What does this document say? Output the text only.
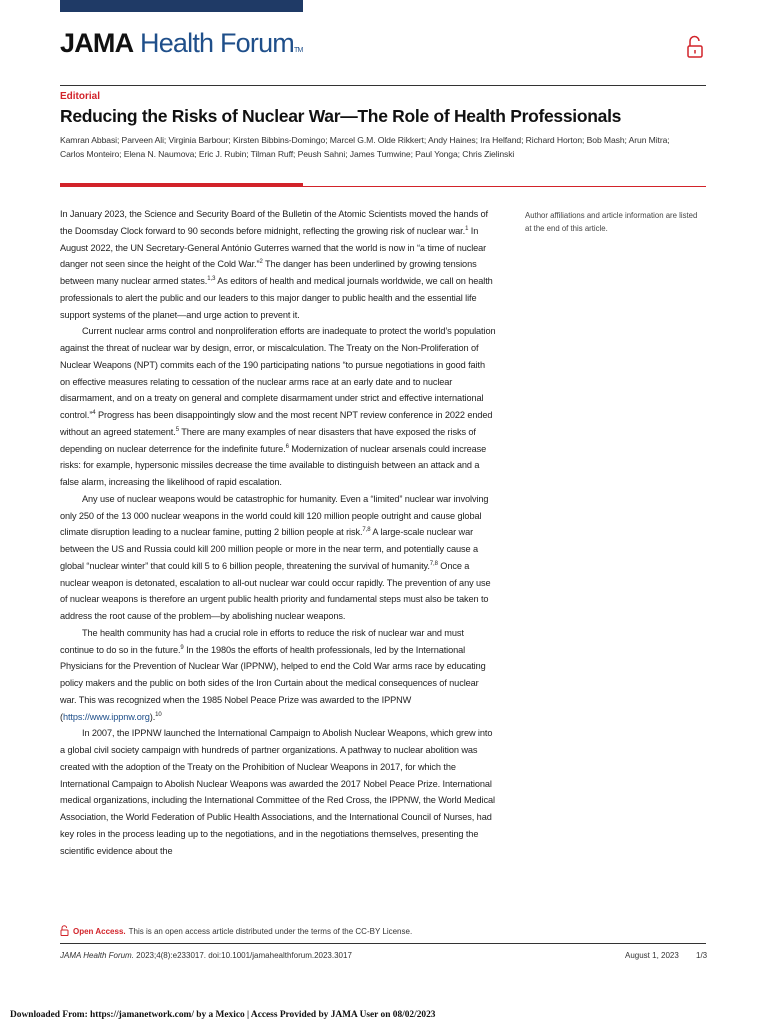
JAMA Health ForumTM
Editorial
Reducing the Risks of Nuclear War—The Role of Health Professionals
Kamran Abbasi; Parveen Ali; Virginia Barbour; Kirsten Bibbins-Domingo; Marcel G.M. Olde Rikkert; Andy Haines; Ira Helfand; Richard Horton; Bob Mash; Arun Mitra;
Carlos Monteiro; Elena N. Naumova; Eric J. Rubin; Tilman Ruff; Peush Sahni; James Tumwine; Paul Yonga; Chris Zielinski

In January 2023, the Science and Security Board of the Bulletin of the Atomic Scientists moved the hands of the Doomsday Clock forward to 90 seconds before midnight, reflecting the growing risk of nuclear war.$^1$ In August 2022, the UN Secretary-General António Guterres warned that the world is now in “a time of nuclear danger not seen since the height of the Cold War.”$^2$ The danger has been underlined by growing tensions between many nuclear armed states.$^{1,3}$ As editors of health and medical journals worldwide, we call on health professionals to alert the public and our leaders to this major danger to public health and the essential life support systems of the planet—and urge action to prevent it.

Current nuclear arms control and nonproliferation efforts are inadequate to protect the world’s population against the threat of nuclear war by design, error, or miscalculation. The Treaty on the Non-Proliferation of Nuclear Weapons (NPT) commits each of the 190 participating nations “to pursue negotiations in good faith on effective measures relating to cessation of the nuclear arms race at an early date and to nuclear disarmament, and on a treaty on general and complete disarmament under strict and effective international control.”$^4$ Progress has been disappointingly slow and the most recent NPT review conference in 2022 ended without an agreed statement.$^5$ There are many examples of near disasters that have exposed the risks of depending on nuclear deterrence for the indefinite future.$^6$ Modernization of nuclear arsenals could increase risks: for example, hypersonic missiles decrease the time available to distinguish between an attack and a false alarm, increasing the likelihood of rapid escalation.

Any use of nuclear weapons would be catastrophic for humanity. Even a “limited” nuclear war involving only 250 of the 13 000 nuclear weapons in the world could kill 120 million people outright and cause global climate disruption leading to a nuclear famine, putting 2 billion people at risk.$^{7,8}$ A large-scale nuclear war between the US and Russia could kill 200 million people or more in the near term, and potentially cause a global “nuclear winter” that could kill 5 to 6 billion people, threatening the survival of humanity.$^{7,8}$ Once a nuclear weapon is detonated, escalation to all-out nuclear war could occur rapidly. The prevention of any use of nuclear weapons is therefore an urgent public health priority and fundamental steps must also be taken to address the root cause of the problem—by abolishing nuclear weapons.

The health community has had a crucial role in efforts to reduce the risk of nuclear war and must continue to do so in the future.$^9$ In the 1980s the efforts of health professionals, led by the International Physicians for the Prevention of Nuclear War (IPPNW), helped to end the Cold War arms race by educating policy makers and the public on both sides of the Iron Curtain about the medical consequences of nuclear war. This was recognized when the 1985 Nobel Peace Prize was awarded to the IPPNW (https://www.ippnw.org).$^{10}$

In 2007, the IPPNW launched the International Campaign to Abolish Nuclear Weapons, which grew into a global civil society campaign with hundreds of partner organizations. A pathway to nuclear abolition was created with the adoption of the Treaty on the Prohibition of Nuclear Weapons in 2017, for which the International Campaign to Abolish Nuclear Weapons was awarded the 2017 Nobel Peace Prize. International medical organizations, including the International Committee of the Red Cross, the IPPNW, the World Medical Association, the World Federation of Public Health Associations, and the International Council of Nurses, had key roles in the process leading up to the negotiations, and in the negotiations themselves, presenting the scientific evidence about the

Author affiliations and article information are listed at the end of this article.
Open Access. This is an open access article distributed under the terms of the CC-BY License.
JAMA Health Forum. 2023;4(8):e233017. doi:10.1001/jamahealthforum.2023.3017	August 1, 2023 1/3
Downloaded From: https://jamanetwork.com/ by a Mexico | Access Provided by JAMA User on 08/02/2023
